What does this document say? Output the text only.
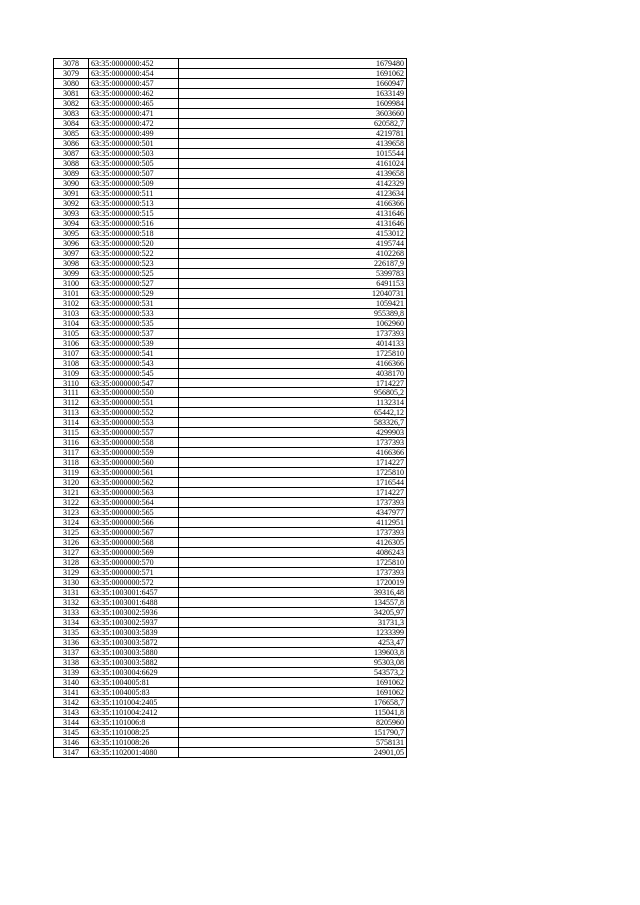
3078	63:35:0000000:452	1679480
3079	63:35:0000000:454	1691062
3080	63:35:0000000:457	1660947
3081	63:35:0000000:462	1633149
3082	63:35:0000000:465	1609984
3083	63:35:0000000:471	3603660
3084	63:35:0000000:472	620582,7
3085	63:35:0000000:499	4219781
3086	63:35:0000000:501	4139658
3087	63:35:0000000:503	1015544
3088	63:35:0000000:505	4161024
3089	63:35:0000000:507	4139658
3090	63:35:0000000:509	4142329
3091	63:35:0000000:511	4123634
3092	63:35:0000000:513	4166366
3093	63:35:0000000:515	4131646
3094	63:35:0000000:516	4131646
3095	63:35:0000000:518	4153012
3096	63:35:0000000:520	4195744
3097	63:35:0000000:522	4102268
3098	63:35:0000000:523	226187,9
3099	63:35:0000000:525	5399783
3100	63:35:0000000:527	6491153
3101	63:35:0000000:529	12040731
3102	63:35:0000000:531	1059421
3103	63:35:0000000:533	955389,8
3104	63:35:0000000:535	1062960
3105	63:35:0000000:537	1737393
3106	63:35:0000000:539	4014133
3107	63:35:0000000:541	1725810
3108	63:35:0000000:543	4166366
3109	63:35:0000000:545	4038170
3110	63:35:0000000:547	1714227
3111	63:35:0000000:550	956805,2
3112	63:35:0000000:551	1132314
3113	63:35:0000000:552	65442,12
3114	63:35:0000000:553	583326,7
3115	63:35:0000000:557	4299903
3116	63:35:0000000:558	1737393
3117	63:35:0000000:559	4166366
3118	63:35:0000000:560	1714227
3119	63:35:0000000:561	1725810
3120	63:35:0000000:562	1716544
3121	63:35:0000000:563	1714227
3122	63:35:0000000:564	1737393
3123	63:35:0000000:565	4347977
3124	63:35:0000000:566	4112951
3125	63:35:0000000:567	1737393
3126	63:35:0000000:568	4126305
3127	63:35:0000000:569	4086243
3128	63:35:0000000:570	1725810
3129	63:35:0000000:571	1737393
3130	63:35:0000000:572	1720019
3131	63:35:1003001:6457	39316,48
3132	63:35:1003001:6488	134557,8
3133	63:35:1003002:5936	34205,97
3134	63:35:1003002:5937	31731,3
3135	63:35:1003003:5839	1233399
3136	63:35:1003003:5872	4253,47
3137	63:35:1003003:5880	139603,8
3138	63:35:1003003:5882	95303,08
3139	63:35:1003004:6629	543573,2
3140	63:35:1004005:81	1691062
3141	63:35:1004005:83	1691062
3142	63:35:1101004:2405	176658,7
3143	63:35:1101004:2412	115041,8
3144	63:35:1101006:8	8205960
3145	63:35:1101008:25	151790,7
3146	63:35:1101008:26	5758131
3147	63:35:1102001:4080	24901,05
